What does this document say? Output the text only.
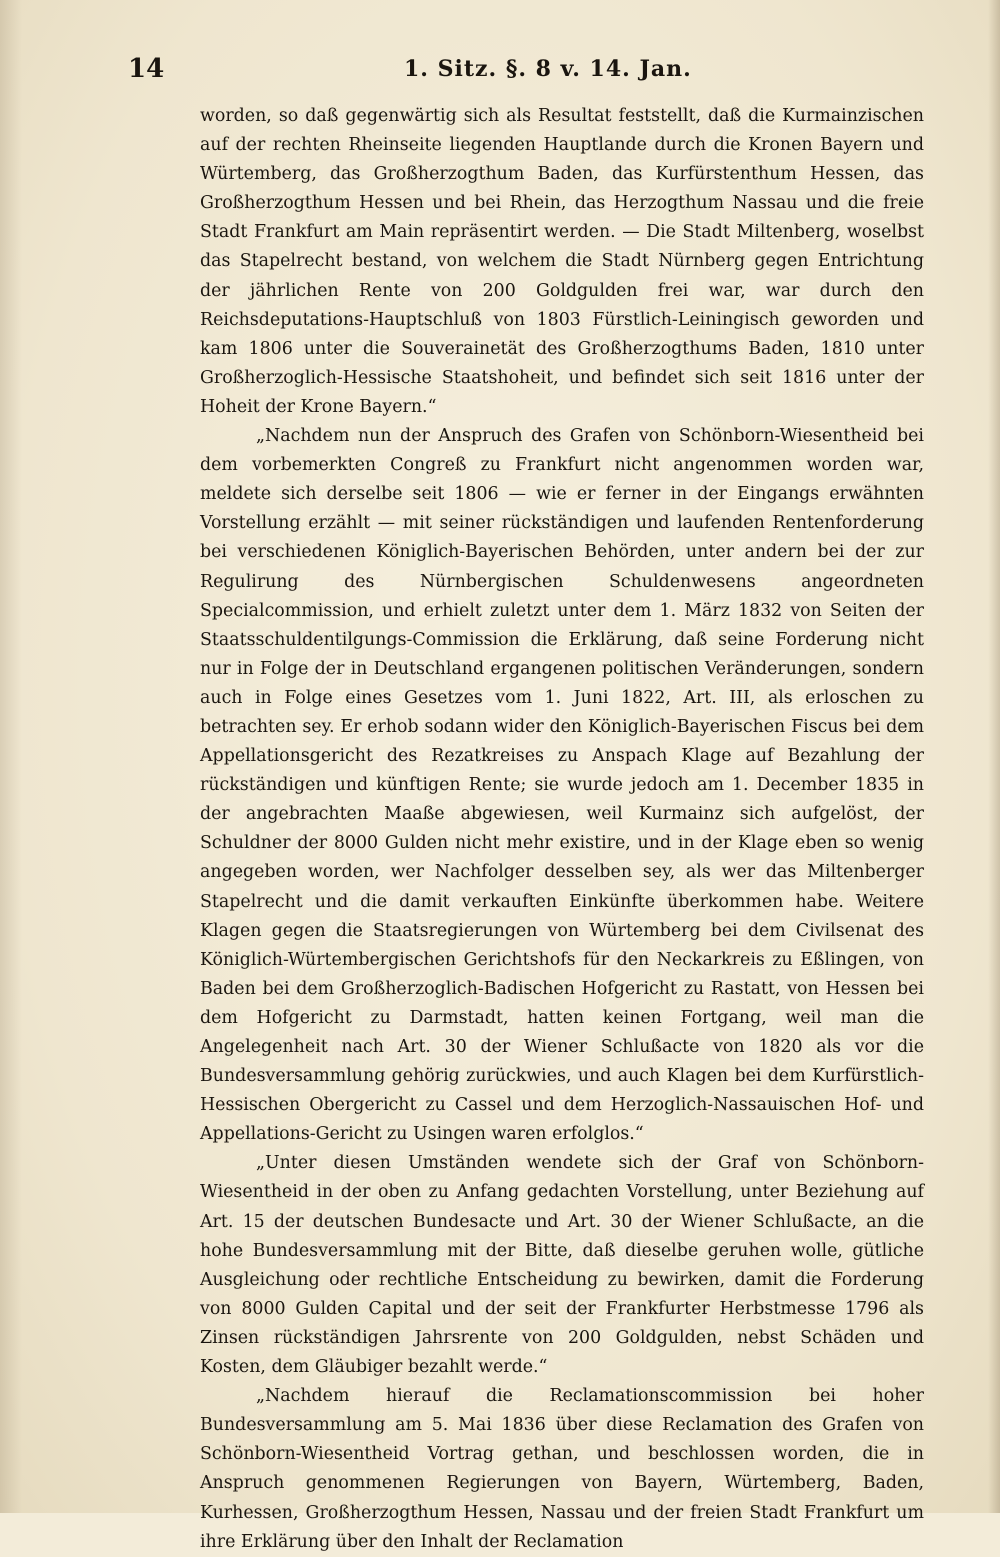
14	1. Sitz. §. 8 v. 14. Jan.

worden, so daß gegenwärtig sich als Resultat feststellt, daß die Kurmainzischen auf der rechten Rheinseite liegenden Hauptlande durch die Kronen Bayern und Würtemberg, das Großherzogthum Baden, das Kurfürstenthum Hessen, das Großherzogthum Hessen und bei Rhein, das Herzogthum Nassau und die freie Stadt Frankfurt am Main repräsentirt werden. — Die Stadt Miltenberg, woselbst das Stapelrecht bestand, von welchem die Stadt Nürnberg gegen Entrichtung der jährlichen Rente von 200 Goldgulden frei war, war durch den Reichsdeputations-Hauptschluß von 1803 Fürstlich-Leiningisch geworden und kam 1806 unter die Souverainetät des Großherzogthums Baden, 1810 unter Großherzoglich-Hessische Staatshoheit, und befindet sich seit 1816 unter der Hoheit der Krone Bayern.“

„Nachdem nun der Anspruch des Grafen von Schönborn-Wiesentheid bei dem vorbemerkten Congreß zu Frankfurt nicht angenommen worden war, meldete sich derselbe seit 1806 — wie er ferner in der Eingangs erwähnten Vorstellung erzählt — mit seiner rückständigen und laufenden Rentenforderung bei verschiedenen Königlich-Bayerischen Behörden, unter andern bei der zur Regulirung des Nürnbergischen Schuldenwesens angeordneten Specialcommission, und erhielt zuletzt unter dem 1. März 1832 von Seiten der Staatsschuldentilgungs-Commission die Erklärung, daß seine Forderung nicht nur in Folge der in Deutschland ergangenen politischen Veränderungen, sondern auch in Folge eines Gesetzes vom 1. Juni 1822, Art. III, als erloschen zu betrachten sey. Er erhob sodann wider den Königlich-Bayerischen Fiscus bei dem Appellationsgericht des Rezatkreises zu Anspach Klage auf Bezahlung der rückständigen und künftigen Rente; sie wurde jedoch am 1. December 1835 in der angebrachten Maaße abgewiesen, weil Kurmainz sich aufgelöst, der Schuldner der 8000 Gulden nicht mehr existire, und in der Klage eben so wenig angegeben worden, wer Nachfolger desselben sey, als wer das Miltenberger Stapelrecht und die damit verkauften Einkünfte überkommen habe. Weitere Klagen gegen die Staatsregierungen von Würtemberg bei dem Civilsenat des Königlich-Würtembergischen Gerichtshofs für den Neckarkreis zu Eßlingen, von Baden bei dem Großherzoglich-Badischen Hofgericht zu Rastatt, von Hessen bei dem Hofgericht zu Darmstadt, hatten keinen Fortgang, weil man die Angelegenheit nach Art. 30 der Wiener Schlußacte von 1820 als vor die Bundesversammlung gehörig zurückwies, und auch Klagen bei dem Kurfürstlich-Hessischen Obergericht zu Cassel und dem Herzoglich-Nassauischen Hof- und Appellations-Gericht zu Usingen waren erfolglos.“

„Unter diesen Umständen wendete sich der Graf von Schönborn-Wiesentheid in der oben zu Anfang gedachten Vorstellung, unter Beziehung auf Art. 15 der deutschen Bundesacte und Art. 30 der Wiener Schlußacte, an die hohe Bundesversammlung mit der Bitte, daß dieselbe geruhen wolle, gütliche Ausgleichung oder rechtliche Entscheidung zu bewirken, damit die Forderung von 8000 Gulden Capital und der seit der Frankfurter Herbstmesse 1796 als Zinsen rückständigen Jahrsrente von 200 Goldgulden, nebst Schäden und Kosten, dem Gläubiger bezahlt werde.“

„Nachdem hierauf die Reclamationscommission bei hoher Bundesversammlung am 5. Mai 1836 über diese Reclamation des Grafen von Schönborn-Wiesentheid Vortrag gethan, und beschlossen worden, die in Anspruch genommenen Regierungen von Bayern, Würtemberg, Baden, Kurhessen, Großherzogthum Hessen, Nassau und der freien Stadt Frankfurt um ihre Erklärung über den Inhalt der Reclamation
